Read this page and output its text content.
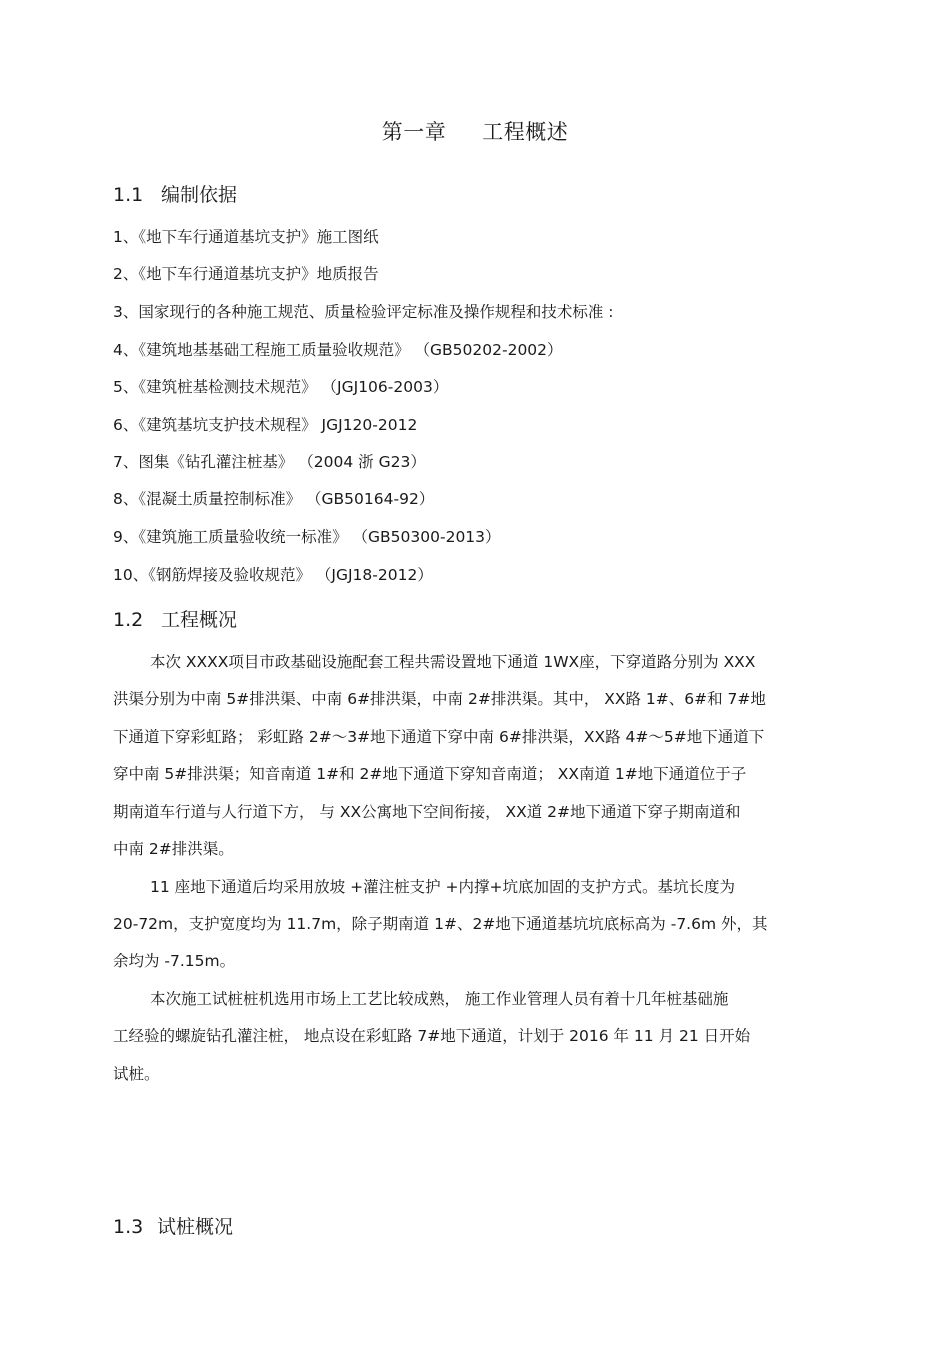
第一章 工程概述
1.1 编制依据
1、《地下车行通道基坑支护》施工图纸
2、《地下车行通道基坑支护》地质报告
3、国家现行的各种施工规范、质量检验评定标准及操作规程和技术标准 :
4、《建筑地基基础工程施工质量验收规范》 （GB50202-2002）
5、《建筑桩基检测技术规范》 （JGJ106-2003）
6、《建筑基坑支护技术规程》 JGJ120-2012
7、图集《钻孔灌注桩基》 （2004 浙 G23）
8、《混凝土质量控制标准》 （GB50164-92）
9、《建筑施工质量验收统一标准》 （GB50300-2013）
10、《钢筋焊接及验收规范》 （JGJ18-2012）
1.2 工程概况
本次 XXXX项目市政基础设施配套工程共需设置地下通道 1WX座，下穿道路分别为 XXX
洪渠分别为中南 5#排洪渠、中南 6#排洪渠，中南 2#排洪渠。其中， XX路 1#、6#和 7#地
下通道下穿彩虹路； 彩虹路 2#～3#地下通道下穿中南 6#排洪渠，XX路 4#～5#地下通道下
穿中南 5#排洪渠；知音南道 1#和 2#地下通道下穿知音南道； XX南道 1#地下通道位于子
期南道车行道与人行道下方， 与 XX公寓地下空间衔接， XX道 2#地下通道下穿子期南道和
中南 2#排洪渠。
11 座地下通道后均采用放坡 +灌注桩支护 +内撑+坑底加固的支护方式。基坑长度为
20-72m，支护宽度均为 11.7m，除子期南道 1#、2#地下通道基坑坑底标高为 -7.6m 外，其
余均为 -7.15m。
本次施工试桩桩机选用市场上工艺比较成熟， 施工作业管理人员有着十几年桩基础施
工经验的螺旋钻孔灌注桩， 地点设在彩虹路 7#地下通道，计划于 2016 年 11 月 21 日开始
试桩。
1.3 试桩概况
